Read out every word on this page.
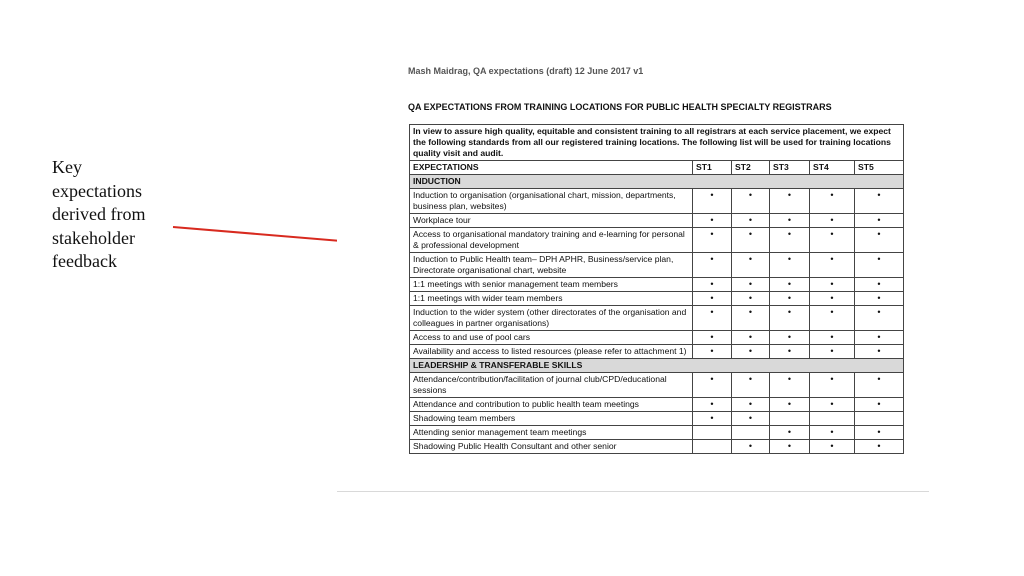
Key
expectations
derived from
stakeholder
feedback
Mash Maidrag, QA expectations (draft) 12 June 2017 v1
QA EXPECTATIONS FROM TRAINING LOCATIONS FOR PUBLIC HEALTH SPECIALTY REGISTRARS
In view to assure high quality, equitable and consistent training to all registrars at each service placement, we expect the following standards from all our registered training locations. The following list will be used for training locations quality visit and audit.					
EXPECTATIONS	ST1	ST2	ST3	ST4	ST5
INDUCTION					
Induction to organisation (organisational chart, mission, departments, business plan, websites)	•	•	•	•	•
Workplace tour	•	•	•	•	•
Access to organisational mandatory training and e-learning for personal & professional development	•	•	•	•	•
Induction to Public Health team– DPH APHR, Business/service plan, Directorate organisational chart, website	•	•	•	•	•
1:1 meetings with senior management team members	•	•	•	•	•
1:1 meetings with wider team members	•	•	•	•	•
Induction to the wider system (other directorates of the organisation and colleagues in partner organisations)	•	•	•	•	•
Access to and use of pool cars	•	•	•	•	•
Availability and access to listed resources (please refer to attachment 1)	•	•	•	•	•
LEADERSHIP & TRANSFERABLE SKILLS					
Attendance/contribution/facilitation of journal club/CPD/educational sessions	•	•	•	•	•
Attendance and contribution to public health team meetings	•	•	•	•	•
Shadowing team members	•	•			
Attending senior management team meetings			•	•	•
Shadowing Public Health Consultant and other senior		•	•	•	•
